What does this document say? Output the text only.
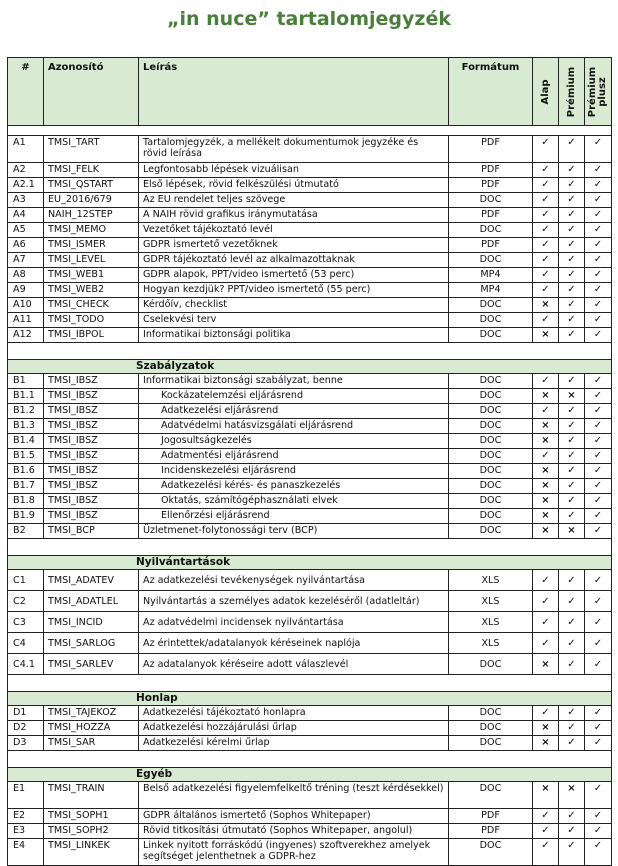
„in nuce” tartalomjegyzék
#	Azonosító	Leírás	Formátum	Alap	Prémium	Prémium plusz

A1	TMSI_TART	Tartalomjegyzék, a mellékelt dokumentumok jegyzéke és rövid leírása	PDF	✓	✓	✓
A2	TMSI_FELK	Legfontosabb lépések vizuálisan	PDF	✓	✓	✓
A2.1	TMSI_QSTART	Első lépések, rövid felkészülési útmutató	PDF	✓	✓	✓
A3	EU_2016/679	Az EU rendelet teljes szövege	DOC	✓	✓	✓
A4	NAIH_12STEP	A NAIH rövid grafikus iránymutatása	PDF	✓	✓	✓
A5	TMSI_MEMO	Vezetőket tájékoztató levél	DOC	✓	✓	✓
A6	TMSI_ISMER	GDPR ismertető vezetőknek	PDF	✓	✓	✓
A7	TMSI_LEVEL	GDPR tájékoztató levél az alkalmazottaknak	DOC	✓	✓	✓
A8	TMSI_WEB1	GDPR alapok, PPT/video ismertető (53 perc)	MP4	✓	✓	✓
A9	TMSI_WEB2	Hogyan kezdjük? PPT/video ismertető (55 perc)	MP4	✓	✓	✓
A10	TMSI_CHECK	Kérdőív, checklist	DOC	×	✓	✓
A11	TMSI_TODO	Cselekvési terv	DOC	✓	✓	✓
A12	TMSI_IBPOL	Informatikai biztonsági politika	DOC	×	✓	✓

Szabályzatok						
B1	TMSI_IBSZ	Informatikai biztonsági szabályzat, benne	DOC	✓	✓	✓
B1.1	TMSI_IBSZ	Kockázatelemzési eljárásrend	DOC	×	×	✓
B1.2	TMSI_IBSZ	Adatkezelési eljárásrend	DOC	✓	✓	✓
B1.3	TMSI_IBSZ	Adatvédelmi hatásvizsgálati eljárásrend	DOC	×	✓	✓
B1.4	TMSI_IBSZ	Jogosultságkezelés	DOC	×	✓	✓
B1.5	TMSI_IBSZ	Adatmentési eljárásrend	DOC	✓	✓	✓
B1.6	TMSI_IBSZ	Incidenskezelési eljárásrend	DOC	×	✓	✓
B1.7	TMSI_IBSZ	Adatkezelési kérés- és panaszkezelés	DOC	×	✓	✓
B1.8	TMSI_IBSZ	Oktatás, számítógéphasználati elvek	DOC	×	✓	✓
B1.9	TMSI_IBSZ	Ellenőrzési eljárásrend	DOC	×	✓	✓
B2	TMSI_BCP	Üzletmenet-folytonossági terv (BCP)	DOC	×	×	✓

Nyilvántartások						
C1	TMSI_ADATEV	Az adatkezelési tevékenységek nyilvántartása	XLS	✓	✓	✓
C2	TMSI_ADATLEL	Nyilvántartás a személyes adatok kezeléséről (adatleltár)	XLS	✓	✓	✓
C3	TMSI_INCID	Az adatvédelmi incidensek nyilvántartása	XLS	✓	✓	✓
C4	TMSI_SARLOG	Az érintettek/adatalanyok kéréseinek naplója	XLS	✓	✓	✓
C4.1	TMSI_SARLEV	Az adatalanyok kéréseire adott válaszlevél	DOC	×	✓	✓

Honlap						
D1	TMSI_TAJEKOZ	Adatkezelési tájékoztató honlapra	DOC	✓	✓	✓
D2	TMSI_HOZZA	Adatkezelési hozzájárulási űrlap	DOC	×	✓	✓
D3	TMSI_SAR	Adatkezelési kérelmi űrlap	DOC	×	✓	✓

Egyéb						
E1	TMSI_TRAIN	Belső adatkezelési figyelemfelkeltő tréning (teszt kérdésekkel)	DOC	×	×	✓
E2	TMSI_SOPH1	GDPR általános ismertető (Sophos Whitepaper)	PDF	✓	✓	✓
E3	TMSI_SOPH2	Rövid titkosítási útmutató (Sophos Whitepaper, angolul)	PDF	✓	✓	✓
E4	TMSI_LINKEK	Linkek nyitott forráskódú (ingyenes) szoftverekhez amelyek segítséget jelenthetnek a GDPR-hez	DOC	✓	✓	✓
